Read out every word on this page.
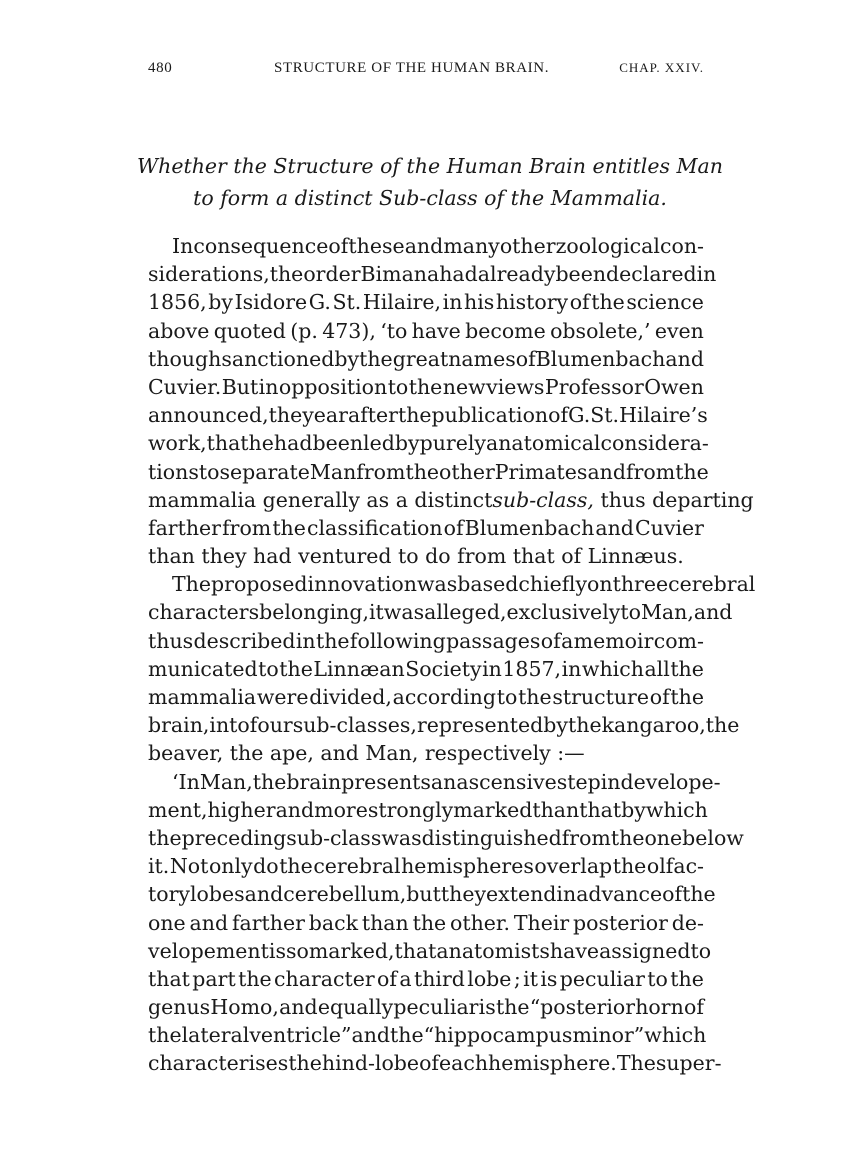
480	STRUCTURE OF THE HUMAN BRAIN.	CHAP. XXIV.
Whether the Structure of the Human Brain entitles Man
to form a distinct Sub-class of the Mammalia.
In consequence of these and many other zoological con-
siderations, the order Bimana had already been declared in
1856, by Isidore G. St. Hilaire, in his history of the science
above quoted (p. 473), ‘to have become obsolete,’ even
though sanctioned by the great names of Blumenbach and
Cuvier. But in opposition to the new views Professor Owen
announced, the year after the publication of G. St. Hilaire’s
work, that he had been led by purely anatomical considera-
tions to separate Man from the other Primates and from the
mammalia generally as a distinct sub-class, thus departing
farther from the classification of Blumenbach and Cuvier
than they had ventured to do from that of Linnæus.
The proposed innovation was based chiefly on three cerebral
characters belonging, it was alleged, exclusively to Man, and
thus described in the following passages of a memoir com-
municated to the Linnæan Society in 1857, in which all the
mammalia were divided, according to the structure of the
brain, into four sub-classes, represented by the kangaroo, the
beaver, the ape, and Man, respectively :—
‘In Man, the brain presents an ascensive step in develope-
ment, higher and more strongly marked than that by which
the preceding sub-class was distinguished from the one below
it. Not only do the cerebral hemispheres overlap the olfac-
tory lobes and cerebellum, but they extend in advance of the
one and farther back than the other. Their posterior de-
velopement is so marked, that anatomists have assigned to
that part the character of a third lobe ; it is peculiar to the
genus Homo, and equally peculiar is the “posterior horn of
the lateral ventricle” and the “hippocampus minor” which
characterises the hind-lobe of each hemisphere. The super-
